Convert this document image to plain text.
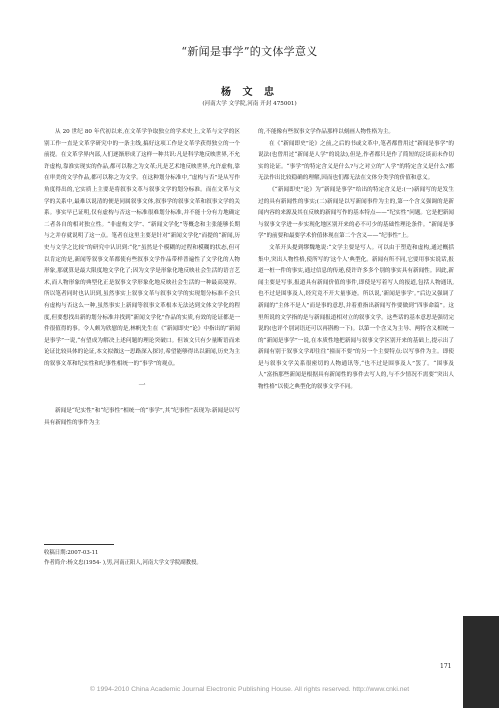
“新闻是事学”的文体学意义
杨 文 忠
(河南大学 文学院,河南 开封 475001)

从 20 世纪 80 年代初以来,在文革学争取独立的学术史上,文革与文学的区别工作一直是文革学研究中的一条主线,搞好这项工作是文革学获得独立的一个前提。在文革学界内部,人们逐渐形成了这样一种共识:凡是科学地反映世界,不允许虚构,靠准实现实的作品,都可以称之为文革;凡是艺术地反映世界,允许虚构,靠在审美的文学作品,都可以称之为文学。在这种划分标准中,“虚构与否”是从写作角度得出的,它实质上主要是将叙事文革与叙事文学的划分标准。而在文革与文学的关系中,最难以说清的便是同属叙事文体,叙事学的叙事文革和叙事文学的关系。事实早已证明,仅有虚构与否这一标准很难划分标准,并不能十分有力地确定二者各自的相对独立性。“非虚构文学”、“新闻文学化”等概念和主张能够长期与之并存就说明了这一点。笔者在这里主要是针对“新闻文学化”而提的“新闻,历史与文学之比较”的研究中认识到:“化”虽然是个模糊的过程和模糊的状态,但可以肯定的是,新闻等叙事文革都使有些叙事文学作品带样普遍性了文学化的人物形象,那就算是最大限度地文学化了;因为文学是形象化地反映社会生活的语言艺术,而人物形象的典型化正是叙事文学形象化地反映社会生活的一种最高境界。所以笔者同时也认识到,虽然事实上叙事文革与叙事文学的实现划分标准不会只有虚构与否这么一种,虽然事实上新闻等叙事文革根本无法达到文体文学化的程度,但要想找出新的划分标准并找到“新闻文学化”作品的实质,有效的论证都是一件很值得的事。令人颇为欣慰的是,林帆先生在《“新闻即史”论》中指出的“新闻是事学”一说,“有望成为解决上述问题的理论突破口。但该文只有少量断语而来论证比较具体的论证,本文拟做这一思路深入探讨,希望能够得出以新闻,历史为主的叙事文革和纪实性和纪事性相统一的“事学”的观点。

一

新闻是“纪实性”和“纪事性”相统一的“事学”,其“纪事性”表现为:新闻是以写具有新闻性的事件为主

的,不能像有些叙事文学作品那样以刻画人物性格为主。

在《“新闻即史”论》之前,之后的书或文革中,笔者都曾用过“新闻是事学”的说法(也曾用过“新闻是人学”的说法),但是,作者都只是作了简短的泛谈而未作切实的论证。“事学”的特定含义是什么?与之对立的“人学”的特定含义是什么?都无法作出比较稳确的理解,因而也们都无法在文体分类学的价值和意义。

《“新闻即史”论》为“新闻是事学”给出的特定含义是:(一)新闻写的是发生过的具有新闻性的事实;(二)新闻是以写新闻事件为主的,第一个含义强调的是新闻内容的来源及其在反映的新闻写作的基本特点——“纪实性”问题。它是把新闻与叙事文学进一步实现化地区别开来的必不可少的基础性理论条件。“新闻是事学”的前要和最要学术价值体现在第二个含义——“纪事性”上。

文革开头提到缪魏地说:“文学主要是写人。可以由于塑造和虚构,通过概括集中,突出人物性格,使所写的‘这个人’典型化。新闻有所不同,它要用事实说话,报道一桩一件的事实,通过信息的传递,使许许多多个别的事实具有新闻性。因此,新闻主要是写事,报道具有新闻价值的事件,即使是写着写人的报道,包括人物通讯,也不过是围事及人,经究竟不开大量事迹。所以说,‘新闻是事学’。”后边又强调了新闻的“主体不是人”而是事的意思,并着重指出新闻写作要做到“四事命篇”。这里所说的文学指的是与新闻报道相对立的叙事文学。这些话的基本意思是强切完说的(也评个别词语还可以再斟酌一下)。以第一个含义为主导、两特含义相统一的“新闻是事学”一说,在本质性地把新闻与叙事文学区别开来的基础上,提示出了新闻有别于叙事文学却往往“撞而不要”的另一个主要特点:以写事件为主。即使是与叙事文学关系很密切的人物通讯等,“也不过是围事及人”罢了。“围事及人”富指那些新闻是根据具有新闻性的事件去写人的,与不少情况不需要“突出人物性格”以使之典型化的叙事文学不同。

收稿日期:2007-03-11
作者简介:杨文忠(1954- ),男,河南正阳人,河南大学文学院副教授。
171
© 1994-2010 China Academic Journal Electronic Publishing House. All rights reserved. http://www.cnki.net
